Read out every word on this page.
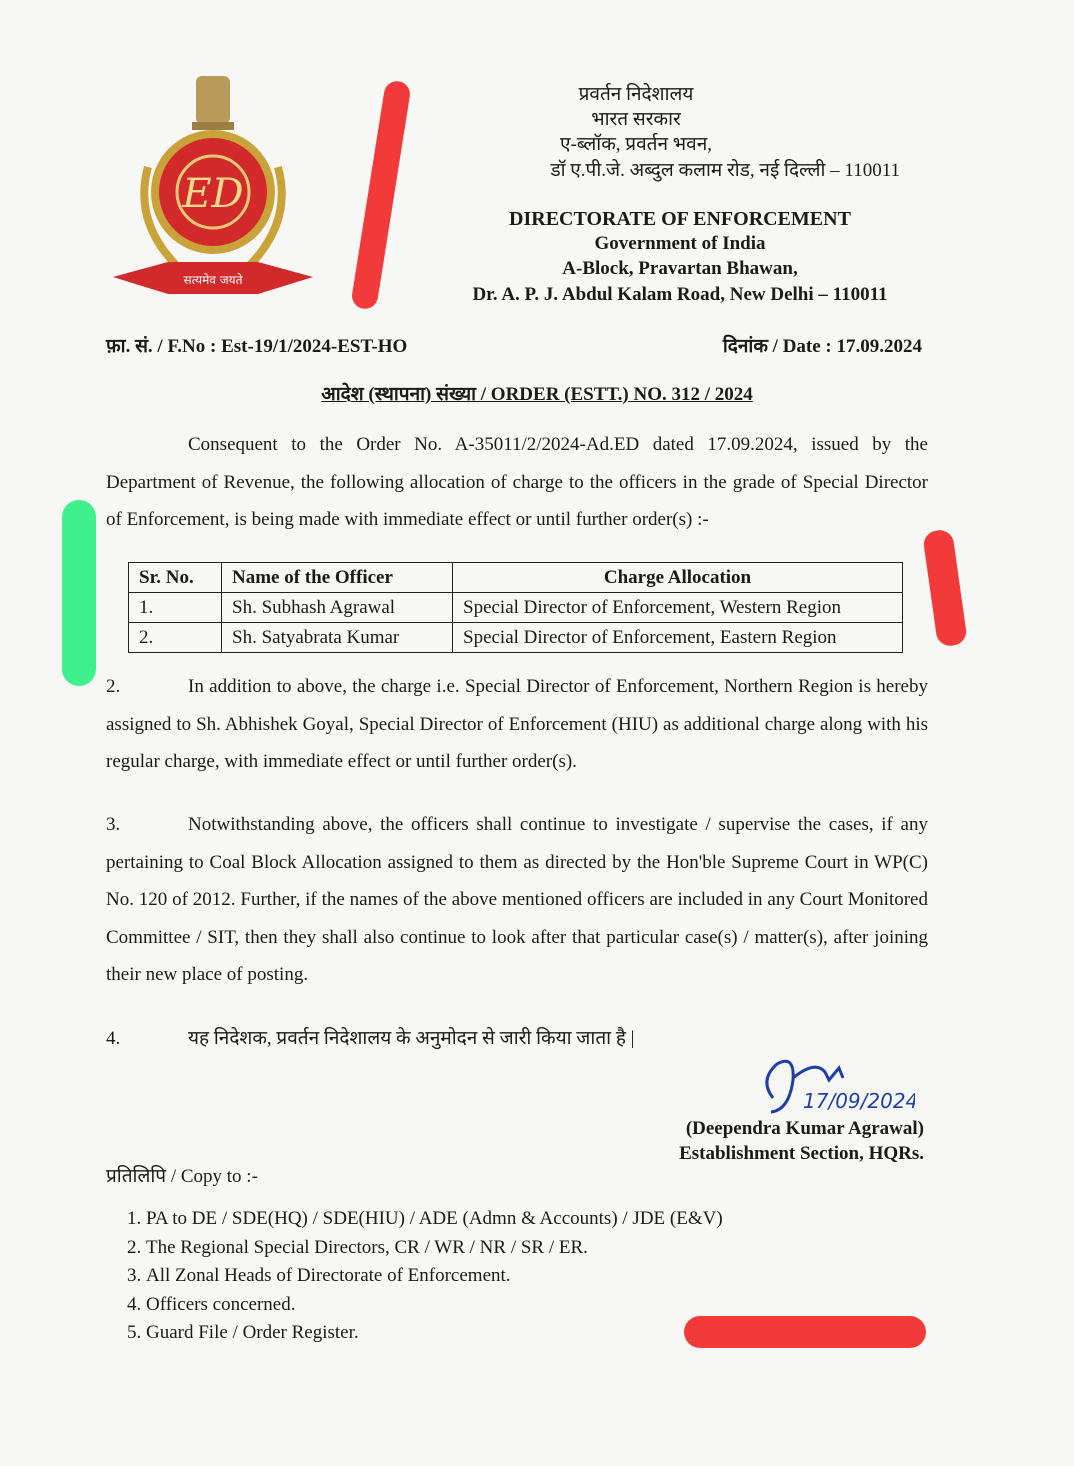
ED
सत्यमेव जयते
प्रवर्तन निदेशालय
भारत सरकार
ए-ब्लॉक, प्रवर्तन भवन,
डॉ ए.पी.जे. अब्दुल कलाम रोड, नई दिल्ली – 110011
DIRECTORATE OF ENFORCEMENT
Government of India
A-Block, Pravartan Bhawan,
Dr. A. P. J. Abdul Kalam Road, New Delhi – 110011
फ़ा. सं. / F.No : Est-19/1/2024-EST-HO	दिनांक / Date : 17.09.2024
आदेश (स्थापना) संख्या / ORDER (ESTT.) NO. 312 / 2024
Consequent to the Order No. A-35011/2/2024-Ad.ED dated 17.09.2024, issued by the Department of Revenue, the following allocation of charge to the officers in the grade of Special Director of Enforcement, is being made with immediate effect or until further order(s) :-
Sr. No.	Name of the Officer	Charge Allocation
1.	Sh. Subhash Agrawal	Special Director of Enforcement, Western Region
2.	Sh. Satyabrata Kumar	Special Director of Enforcement, Eastern Region
2.	In addition to above, the charge i.e. Special Director of Enforcement, Northern Region is hereby assigned to Sh. Abhishek Goyal, Special Director of Enforcement (HIU) as additional charge along with his regular charge, with immediate effect or until further order(s).
3.	Notwithstanding above, the officers shall continue to investigate / supervise the cases, if any pertaining to Coal Block Allocation assigned to them as directed by the Hon'ble Supreme Court in WP(C) No. 120 of 2012. Further, if the names of the above mentioned officers are included in any Court Monitored Committee / SIT, then they shall also continue to look after that particular case(s) / matter(s), after joining their new place of posting.
4.	यह निदेशक, प्रवर्तन निदेशालय के अनुमोदन से जारी किया जाता है |
17/09/2024
(Deependra Kumar Agrawal)
Establishment Section, HQRs.
प्रतिलिपि / Copy to :-
1. PA to DE / SDE(HQ) / SDE(HIU) / ADE (Admn & Accounts) / JDE (E&V)
2. The Regional Special Directors, CR / WR / NR / SR / ER.
3. All Zonal Heads of Directorate of Enforcement.
4. Officers concerned.
5. Guard File / Order Register.
